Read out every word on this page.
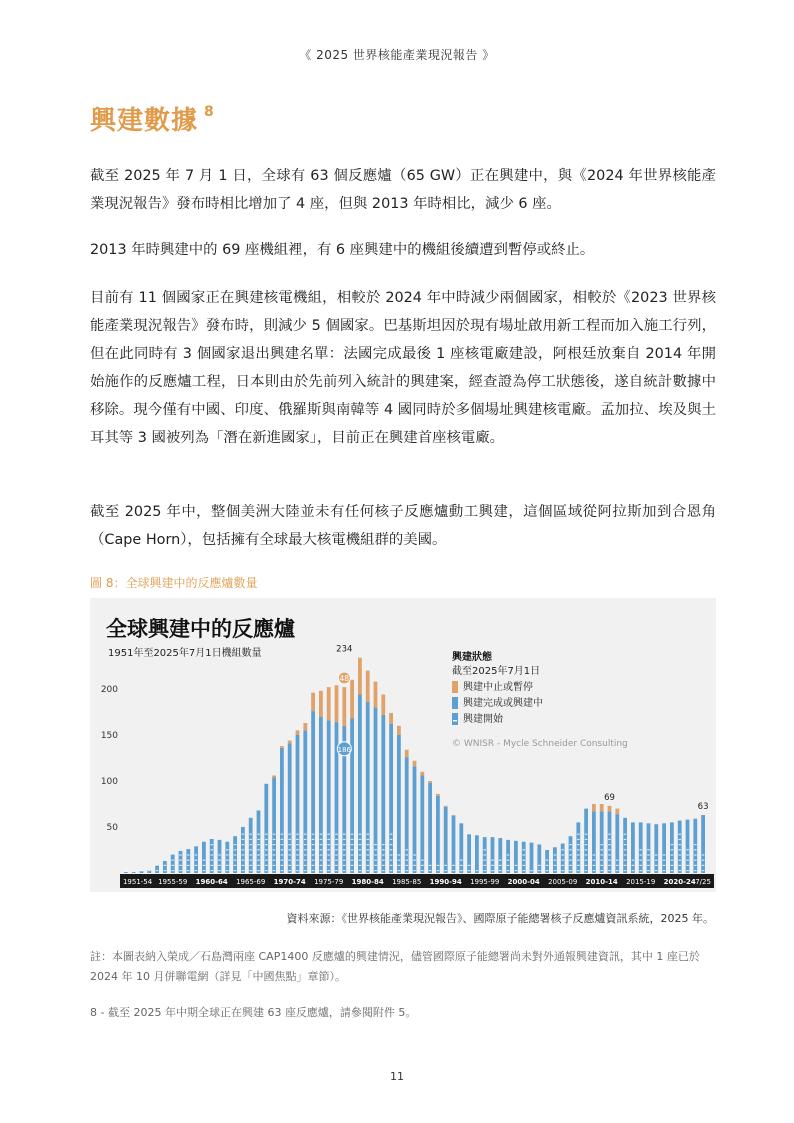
《 2025 世界核能產業現況報告 》
興建數據 $^8$

截至 2025 年 7 月 1 日，全球有 63 個反應爐（65 GW）正在興建中，與《2024 年世界核能產業現況報告》發布時相比增加了 4 座，但與 2013 年時相比，減少 6 座。

2013 年時興建中的 69 座機組裡，有 6 座興建中的機組後續遭到暫停或終止。

目前有 11 個國家正在興建核電機組，相較於 2024 年中時減少兩個國家，相較於《2023 世界核能產業現況報告》發布時，則減少 5 個國家。巴基斯坦因於現有場址啟用新工程而加入施工行列，但在此同時有 3 個國家退出興建名單：法國完成最後 1 座核電廠建設，阿根廷放棄自 2014 年開始施作的反應爐工程，日本則由於先前列入統計的興建案，經查證為停工狀態後，遂自統計數據中移除。現今僅有中國、印度、俄羅斯與南韓等 4 國同時於多個場址興建核電廠。孟加拉、埃及與土耳其等 3 國被列為「潛在新進國家」，目前正在興建首座核電廠。

截至 2025 年中，整個美洲大陸並未有任何核子反應爐動工興建，這個區域從阿拉斯加到合恩角（Cape Horn），包括擁有全球最大核電機組群的美國。

圖 8：全球興建中的反應爐數量
全球興建中的反應爐
1951年至2025年7月1日機組數量
50
100
150
200
234
48
186
69
63
1951-54 1955-59 1960-64 1965-69 1970-74 1975-79 1980-84 1985-85 1990-94 1995-99 2000-04 2005-09 2010-14 2015-19 2020-24 7/25
興建狀態
截至2025年7月1日
興建中止或暫停
興建完成或興建中
興建開始
© WNISR - Mycle Schneider Consulting
資料來源：《世界核能產業現況報告》、國際原子能總署核子反應爐資訊系統，2025 年。
註：本圖表納入榮成／石島灣兩座 CAP1400 反應爐的興建情況，儘管國際原子能總署尚未對外通報興建資訊，其中 1 座已於 2024 年 10 月併聯電網（詳見「中國焦點」章節）。
8 - 截至 2025 年中期全球正在興建 63 座反應爐，請參閱附件 5。
11
